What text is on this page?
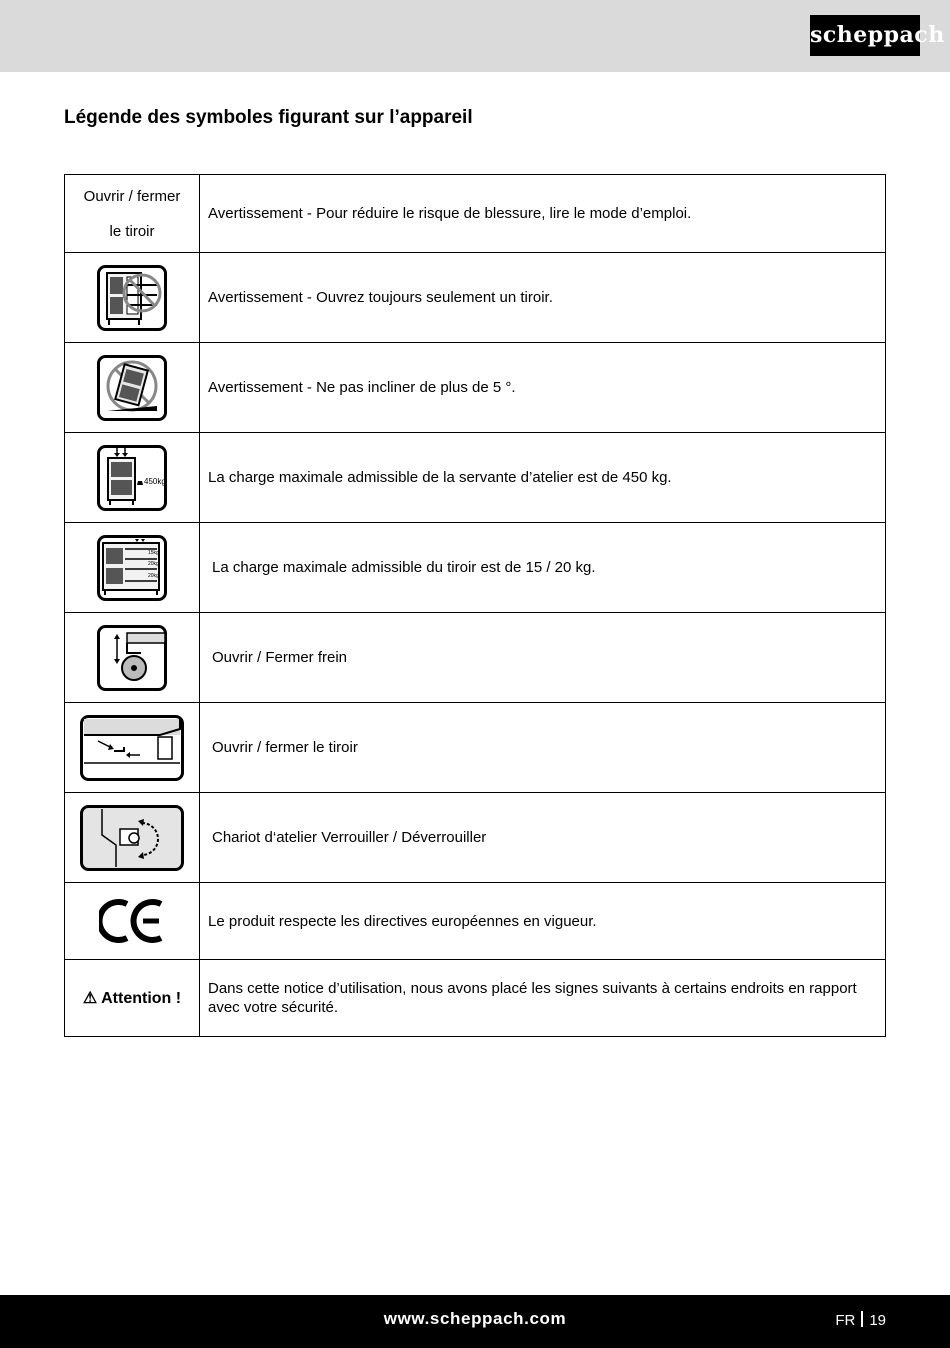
scheppach
Légende des symboles figurant sur l’appareil
Ouvrir / fermer
le tiroir	Avertissement - Pour réduire le risque de blessure, lire le mode d’emploi.

	Avertissement - Ouvrez toujours seulement un tiroir.

	Avertissement - Ne pas incliner de plus de 5 °.

450kg	La charge maximale admissible de la servante d’atelier est de 450 kg.

15kg
20kg
20kg	La charge maximale admissible du tiroir est de 15 / 20 kg.

	Ouvrir / Fermer frein

	Ouvrir / fermer le tiroir

	Chariot d‘atelier Verrouiller / Déverrouiller

	Le produit respecte les directives européennes en vigueur.
⚠ Attention !	Dans cette notice d’utilisation, nous avons placé les signes suivants à certains endroits en rapport avec votre sécurité.
www.scheppach.com	FR 19
